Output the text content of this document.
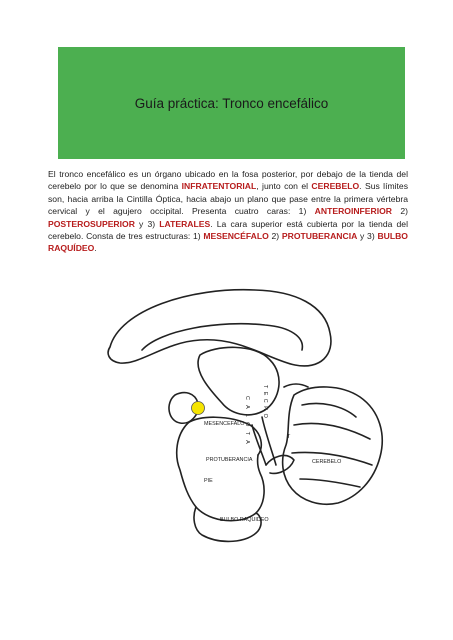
Guía práctica: Tronco encefálico
El tronco encefálico es un órgano ubicado en la fosa posterior, por debajo de la tienda del cerebelo por lo que se denomina INFRATENTORIAL, junto con el CEREBELO. Sus límites son, hacia arriba la Cintilla Óptica, hacia abajo un plano que pase entre la primera vértebra cervical y el agujero occipital. Presenta cuatro caras: 1) ANTEROINFERIOR 2) POSTEROSUPERIOR y 3) LATERALES. La cara superior está cubierta por la tienda del cerebelo. Consta de tres estructuras: 1) MESENCÉFALO 2) PROTUBERANCIA y 3) BULBO RAQUÍDEO.
MESENCEFALO
PROTUBERANCIA
PIE
BULBO RAQUIDEO
CEREBELO
T
C A L O T A T E C H O
